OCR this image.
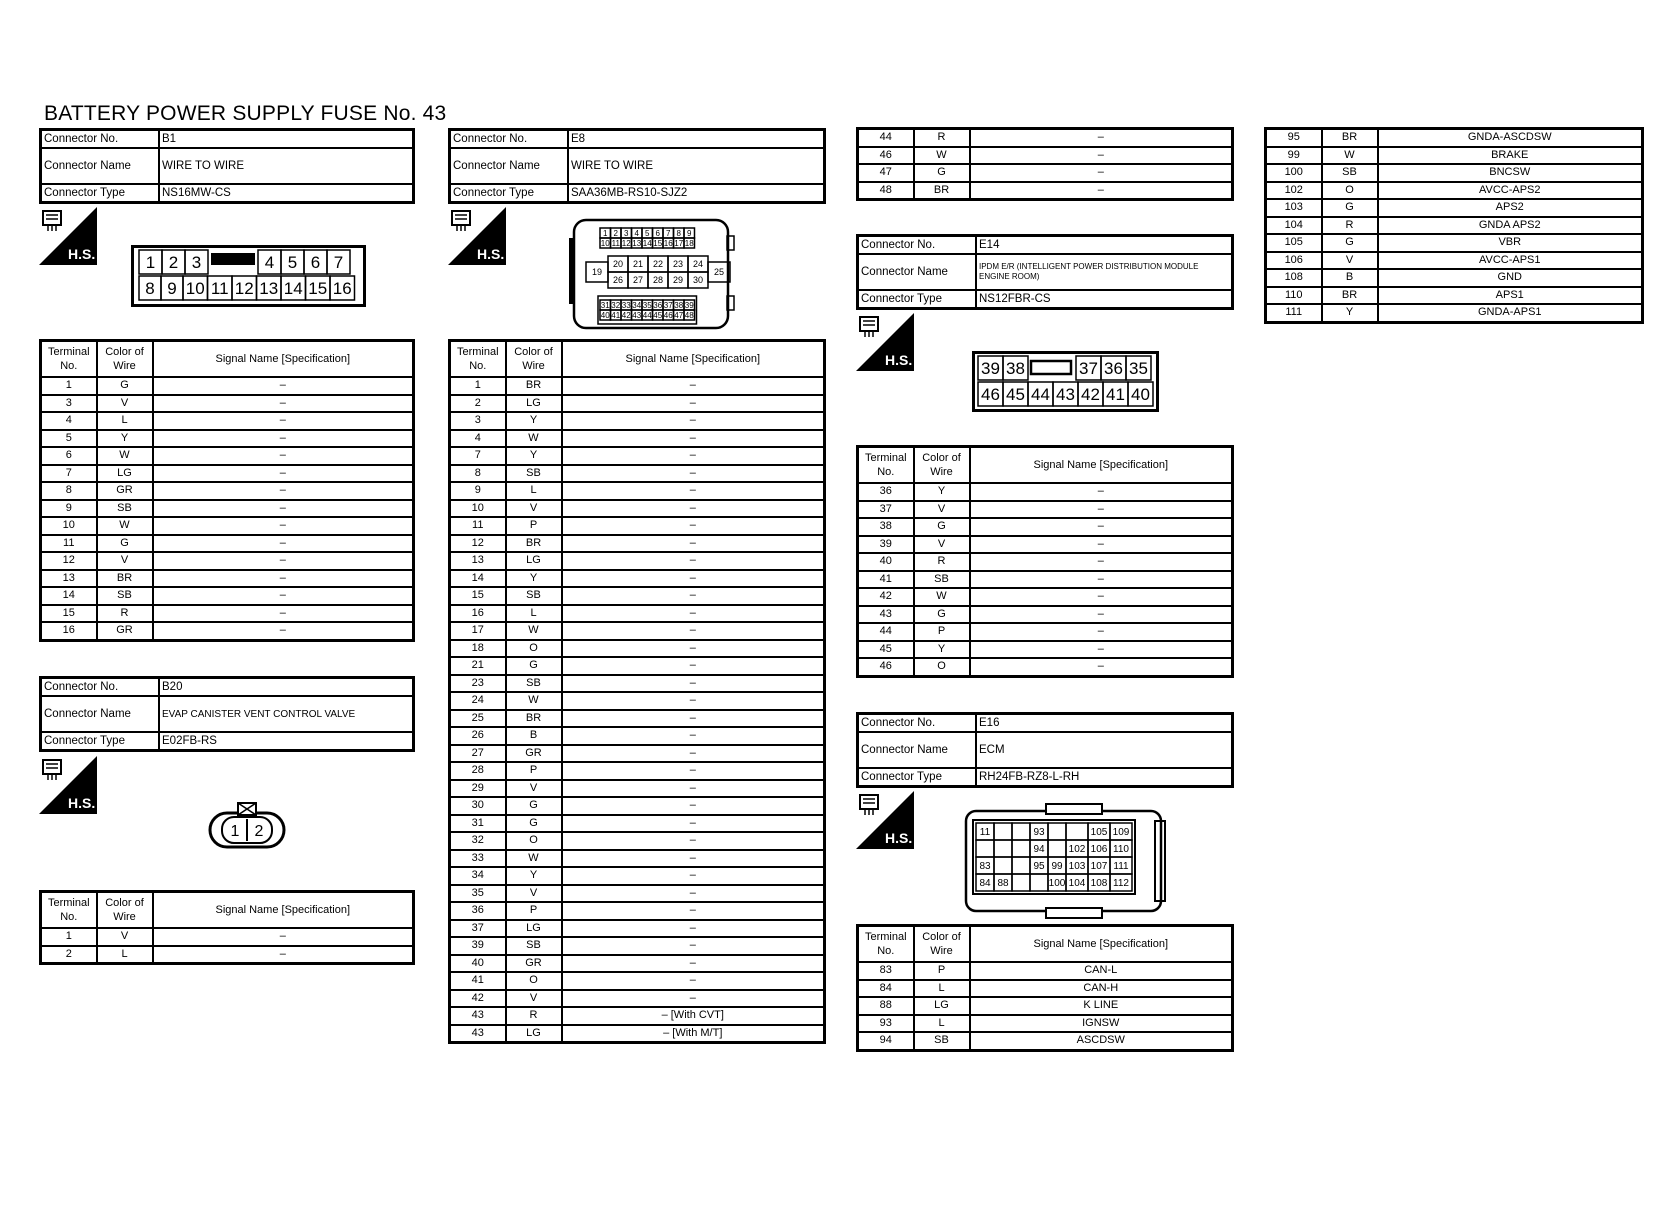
BATTERY POWER SUPPLY FUSE No. 43
Connector No.	B1
Connector Name	WIRE TO WIRE
Connector Type	NS16MW-CS
H.S.	1 2 3	4 5 6 7
8 9 10 11 12 13 14 15 16
Terminal No.	Color of Wire	Signal Name [Specification]
1	G	–
3	V	–
4	L	–
5	Y	–
6	W	–
7	LG	–
8	GR	–
9	SB	–
10	W	–
11	G	–
12	V	–
13	BR	–
14	SB	–
15	R	–
16	GR	–
Connector No.	B20
Connector Name	EVAP CANISTER VENT CONTROL VALVE
Connector Type	E02FB-RS
H.S.
1 2
Terminal No.	Color of Wire	Signal Name [Specification]
1	V	–
2	L	–
Connector No.	E8
Connector Name	WIRE TO WIRE
Connector Type	SAA36MB-RS10-SJZ2
H.S.
1 2 3 4 5 6 7 8 9
10 11 12 13 14 15 16 17 18
20 21 22 23 24
26 27 28 29 30
19	25
31 32 33 34 35 36 37 38 39
40 41 42 43 44 45 46 47 48
Terminal No.	Color of Wire	Signal Name [Specification]
1	BR	–
2	LG	–
3	Y	–
4	W	–
7	Y	–
8	SB	–
9	L	–
10	V	–
11	P	–
12	BR	–
13	LG	–
14	Y	–
15	SB	–
16	L	–
17	W	–
18	O	–
21	G	–
23	SB	–
24	W	–
25	BR	–
26	B	–
27	GR	–
28	P	–
29	V	–
30	G	–
31	G	–
32	O	–
33	W	–
34	Y	–
35	V	–
36	P	–
37	LG	–
39	SB	–
40	GR	–
41	O	–
42	V	–
43	R	– [With CVT]
43	LG	– [With M/T]
44	R	–
46	W	–
47	G	–
48	BR	–
Connector No.	E14
Connector Name	IPDM E/R (INTELLIGENT POWER DISTRIBUTION MODULE ENGINE ROOM)
Connector Type	NS12FBR-CS
H.S.	39 38	37 36 35
46 45 44 43 42 41 40
Terminal No.	Color of Wire	Signal Name [Specification]
36	Y	–
37	V	–
38	G	–
39	V	–
40	R	–
41	SB	–
42	W	–
43	G	–
44	P	–
45	Y	–
46	O	–
Connector No.	E16
Connector Name	ECM
Connector Type	RH24FB-RZ8-L-RH
H.S.	11	93	105 109
94 102 106 110
83	95 99 103 107 111
84 88	100 104 108 112
Terminal No.	Color of Wire	Signal Name [Specification]
83	P	CAN-L
84	L	CAN-H
88	LG	K LINE
93	L	IGNSW
94	SB	ASCDSW
95	BR	GNDA-ASCDSW
99	W	BRAKE
100	SB	BNCSW
102	O	AVCC-APS2
103	G	APS2
104	R	GNDA APS2
105	G	VBR
106	V	AVCC-APS1
108	B	GND
110	BR	APS1
111	Y	GNDA-APS1
